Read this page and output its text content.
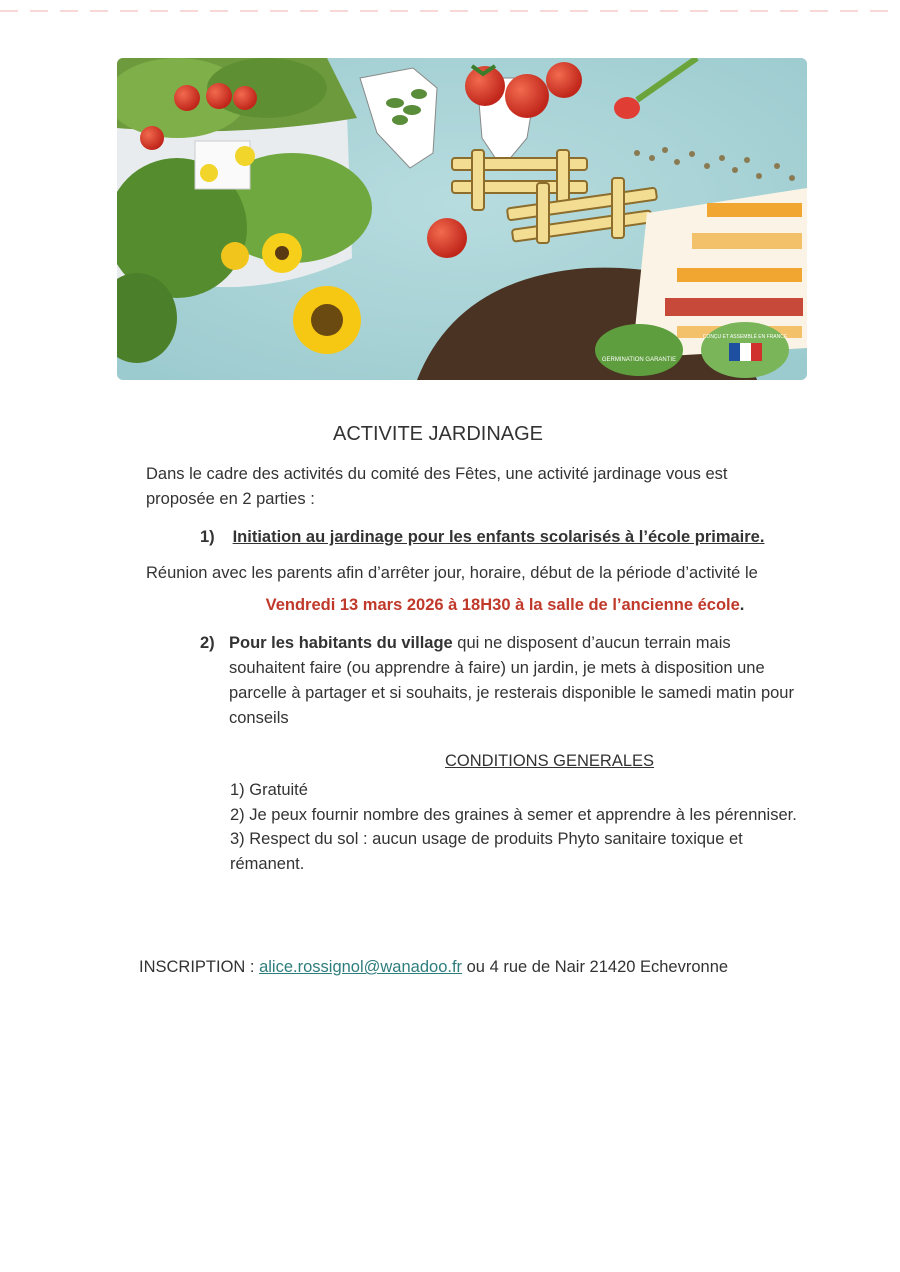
GERMINATION GARANTIE
CONÇU ET ASSEMBLÉ EN FRANCE
ACTIVITE JARDINAGE
Dans le cadre des activités du comité des Fêtes, une activité jardinage vous est proposée en 2 parties :
1) Initiation au jardinage pour les enfants scolarisés à l’école primaire.
Réunion avec les parents afin d’arrêter jour, horaire, début de la période d’activité le
Vendredi 13 mars 2026 à 18H30 à la salle de l’ancienne école.
2) Pour les habitants du village qui ne disposent d’aucun terrain mais souhaitent faire (ou apprendre à faire) un jardin, je mets à disposition une parcelle à partager et si souhaits, je resterais disponible le samedi matin pour conseils
CONDITIONS GENERALES
1) Gratuité
2) Je peux fournir nombre des graines à semer et apprendre à les pérenniser.
3) Respect du sol : aucun usage de produits Phyto sanitaire toxique et rémanent.
INSCRIPTION : alice.rossignol@wanadoo.fr ou 4 rue de Nair 21420 Echevronne
